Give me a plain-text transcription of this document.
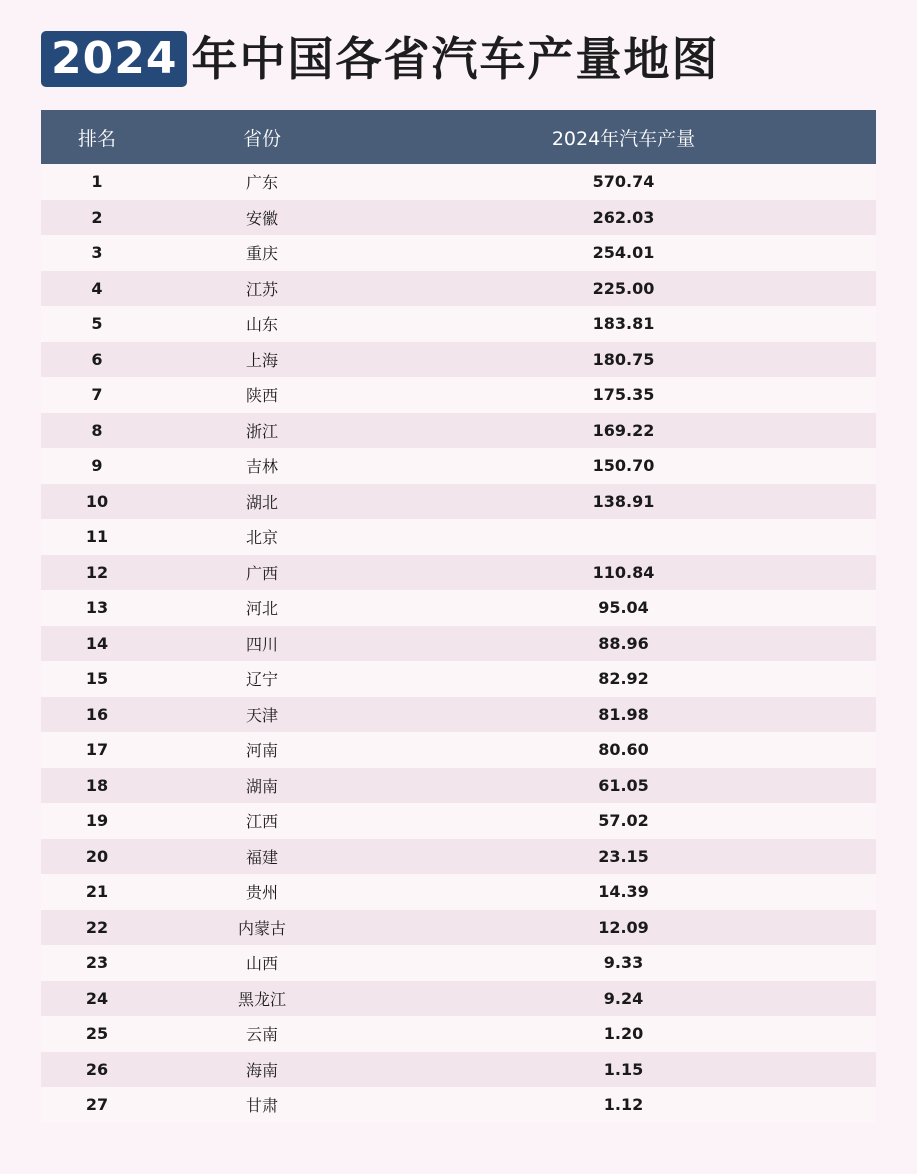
2024 年中国各省汽车产量地图
排名	省份	2024年汽车产量
1	广东	570.74
2	安徽	262.03
3	重庆	254.01
4	江苏	225.00
5	山东	183.81
6	上海	180.75
7	陕西	175.35
8	浙江	169.22
9	吉林	150.70
10	湖北	138.91
11	北京	
12	广西	110.84
13	河北	95.04
14	四川	88.96
15	辽宁	82.92
16	天津	81.98
17	河南	80.60
18	湖南	61.05
19	江西	57.02
20	福建	23.15
21	贵州	14.39
22	内蒙古	12.09
23	山西	9.33
24	黑龙江	9.24
25	云南	1.20
26	海南	1.15
27	甘肃	1.12
